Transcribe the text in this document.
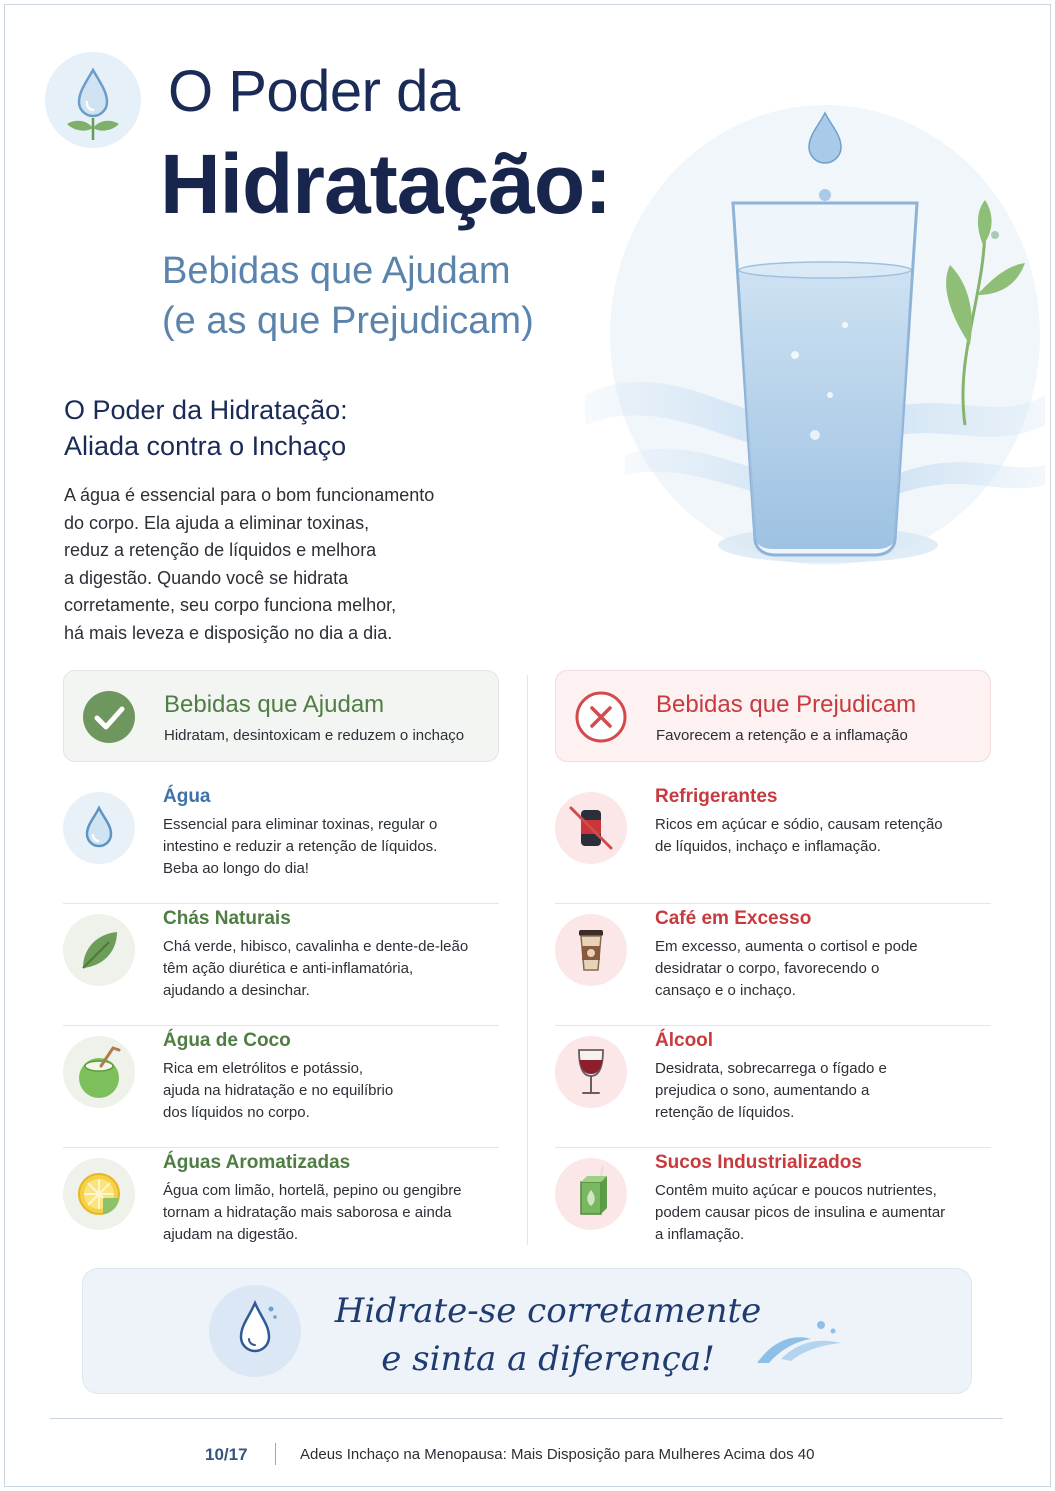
O Poder da
Hidratação:
Bebidas que Ajudam
(e as que Prejudicam)
O Poder da Hidratação:
Aliada contra o Inchaço

A água é essencial para o bom funcionamento
do corpo. Ela ajuda a eliminar toxinas,
reduz a retenção de líquidos e melhora
a digestão. Quando você se hidrata
corretamente, seu corpo funciona melhor,
há mais leveza e disposição no dia a dia.

Bebidas que Ajudam
Hidratam, desintoxicam e reduzem o inchaço
Água

Essencial para eliminar toxinas, regular o
intestino e reduzir a retenção de líquidos.
Beba ao longo do dia!

Chás Naturais

Chá verde, hibisco, cavalinha e dente-de-leão
têm ação diurética e anti-inflamatória,
ajudando a desinchar.

Água de Coco

Rica em eletrólitos e potássio,
ajuda na hidratação e no equilíbrio
dos líquidos no corpo.

Águas Aromatizadas

Água com limão, hortelã, pepino ou gengibre
tornam a hidratação mais saborosa e ainda
ajudam na digestão.

Bebidas que Prejudicam
Favorecem a retenção e a inflamação
Refrigerantes

Ricos em açúcar e sódio, causam retenção
de líquidos, inchaço e inflamação.

Café em Excesso

Em excesso, aumenta o cortisol e pode
desidratar o corpo, favorecendo o
cansaço e o inchaço.

Álcool

Desidrata, sobrecarrega o fígado e
prejudica o sono, aumentando a
retenção de líquidos.

Sucos Industrializados

Contêm muito açúcar e poucos nutrientes,
podem causar picos de insulina e aumentar
a inflamação.

Hidrate-se corretamente
e sinta a diferença!

10/17	Adeus Inchaço na Menopausa: Mais Disposição para Mulheres Acima dos 40
